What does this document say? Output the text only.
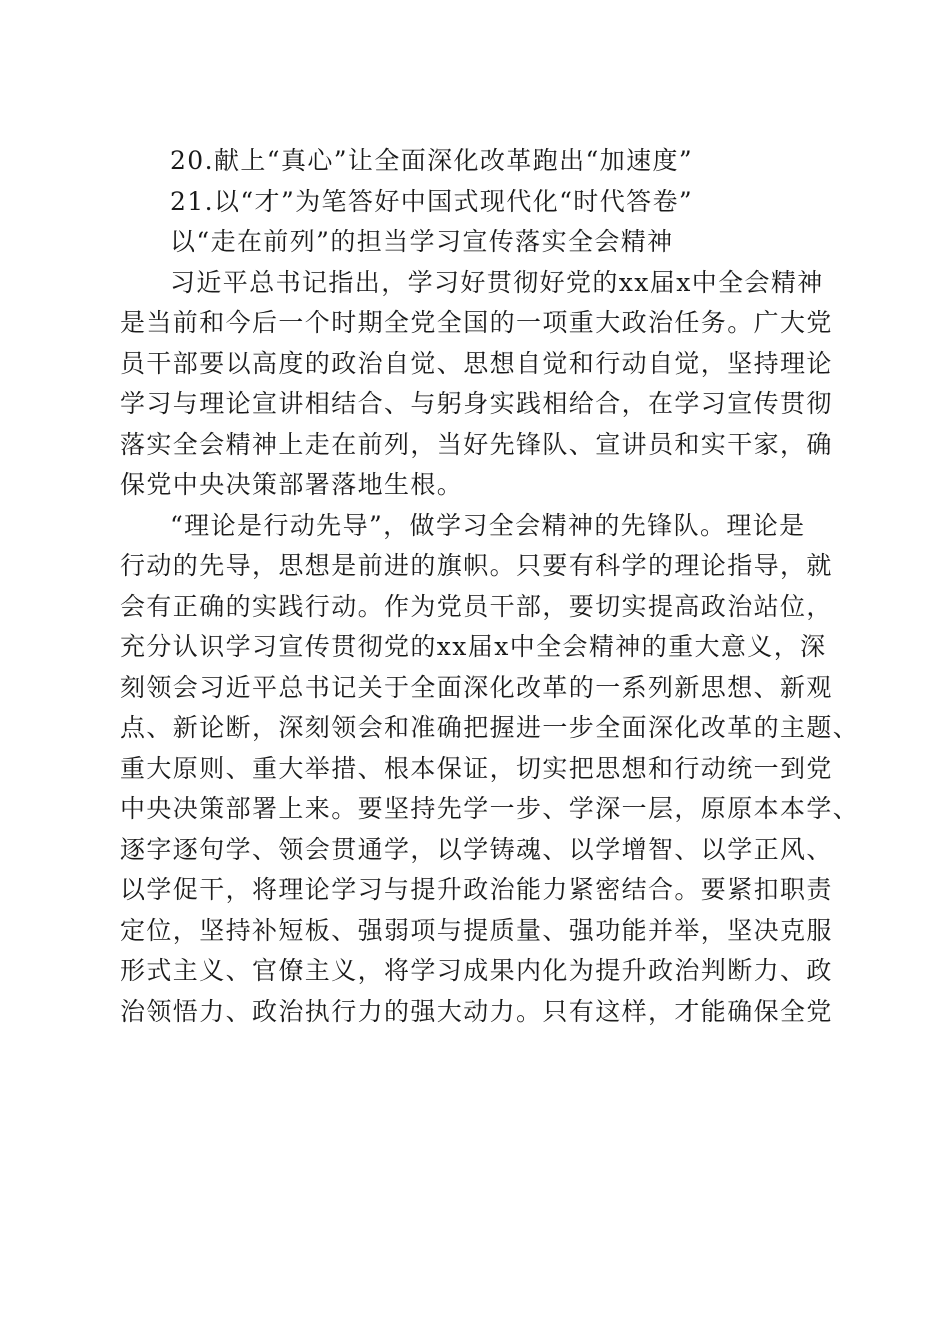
20.献上“真心”让全面深化改革跑出“加速度”

21.以“才”为笔答好中国式现代化“时代答卷”

以“走在前列”的担当学习宣传落实全会精神

习近平总书记指出，学习好贯彻好党的xx届x中全会精神

是当前和今后一个时期全党全国的一项重大政治任务。广大党

员干部要以高度的政治自觉、思想自觉和行动自觉，坚持理论

学习与理论宣讲相结合、与躬身实践相给合，在学习宣传贯彻

落实全会精神上走在前列，当好先锋队、宣讲员和实干家，确

保党中央决策部署落地生根。

“理论是行动先导”，做学习全会精神的先锋队。理论是

行动的先导，思想是前进的旗帜。只要有科学的理论指导，就

会有正确的实践行动。作为党员干部，要切实提高政治站位，

充分认识学习宣传贯彻党的xx届x中全会精神的重大意义，深

刻领会习近平总书记关于全面深化改革的一系列新思想、新观

点、新论断，深刻领会和准确把握进一步全面深化改革的主题、

重大原则、重大举措、根本保证，切实把思想和行动统一到党

中央决策部署上来。要坚持先学一步、学深一层，原原本本学、

逐字逐句学、领会贯通学，以学铸魂、以学增智、以学正风、

以学促干，将理论学习与提升政治能力紧密结合。要紧扣职责

定位，坚持补短板、强弱项与提质量、强功能并举，坚决克服

形式主义、官僚主义，将学习成果内化为提升政治判断力、政

治领悟力、政治执行力的强大动力。只有这样，才能确保全党
